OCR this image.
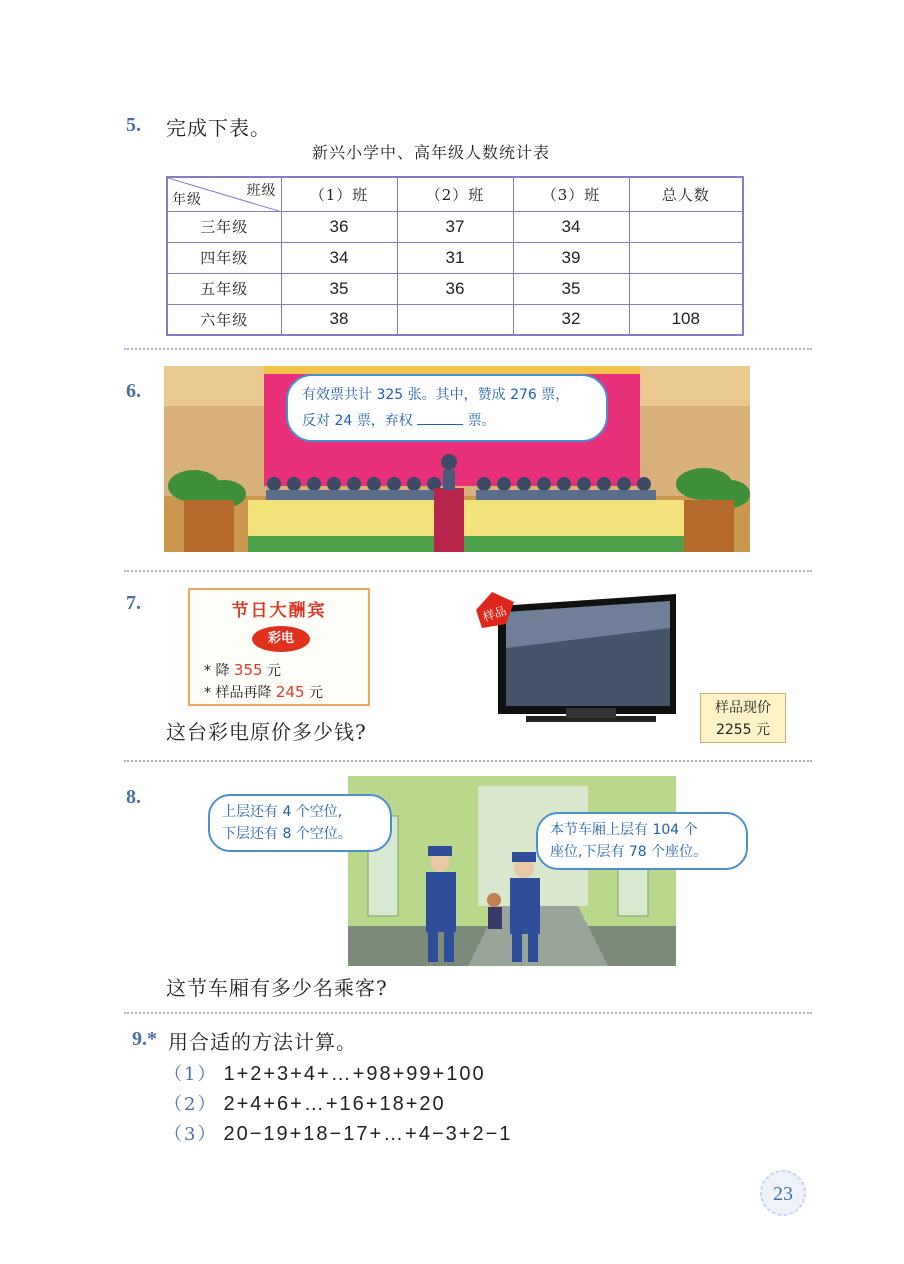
5. 完成下表。
新兴小学中、高年级人数统计表
班级
年级	（1）班	（2）班	（3）班	总人数
三年级	36	37	34	
四年级	34	31	39	
五年级	35	36	35	
六年级	38		32	108
6.	有效票共计 325 张。其中，赞成 276 票，
反对 24 票，弃权	票。
7.	节日大酬宾
彩电
* 降 355 元
* 样品再降 245 元
样品
样品现价
2255 元
这台彩电原价多少钱?
8.
上层还有 4 个空位,
下层还有 8 个空位。	本节车厢上层有 104 个
座位,下层有 78 个座位。
这节车厢有多少名乘客?
9.* 用合适的方法计算。
（1） 1+2+3+4+…+98+99+100
（2） 2+4+6+…+16+18+20
（3） 20−19+18−17+…+4−3+2−1
23
